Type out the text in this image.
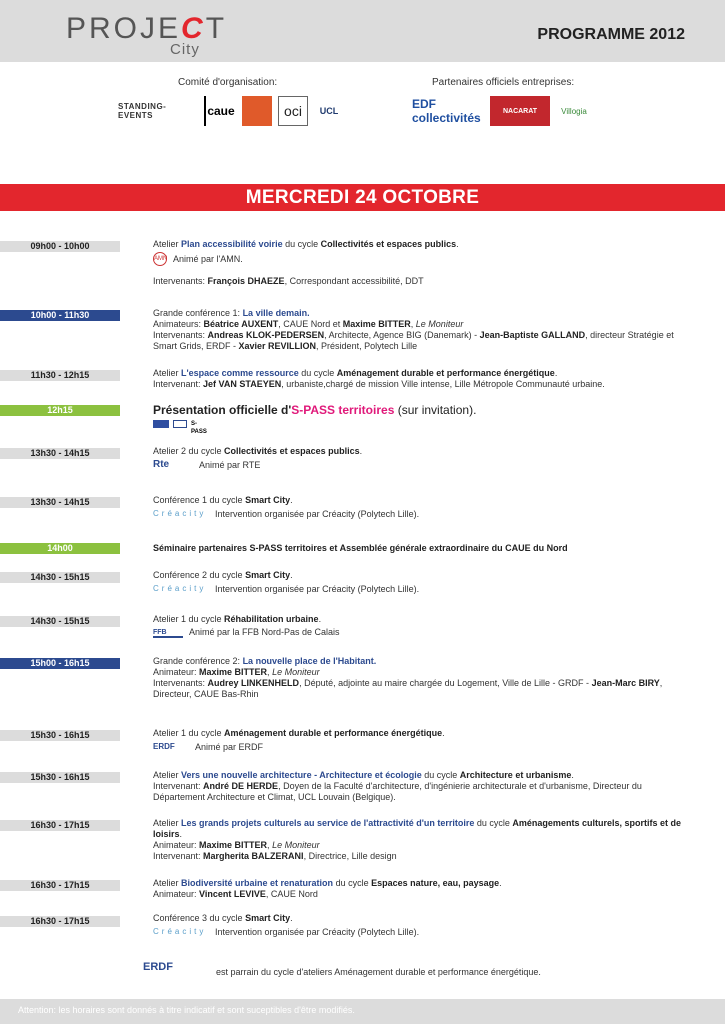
PROJECT
City
PROGRAMME 2012
Comité d'organisation:	Partenaires officiels entreprises:
STANDING-EVENTS	caue	oci	UCL	EDF collectivités	NACARAT	Villogia
MERCREDI 24 OCTOBRE
09h00 - 10h00	Atelier Plan accessibilité voirie du cycle Collectivités et espaces publics.
AMN Animé par l'AMN.
Intervenants: François DHAEZE, Correspondant accessibilité, DDT
10h00 - 11h30	Grande conférence 1: La ville demain.
Animateurs: Béatrice AUXENT, CAUE Nord et Maxime BITTER, Le Moniteur
Intervenants: Andreas KLOK-PEDERSEN, Architecte, Agence BIG (Danemark) - Jean-Baptiste GALLAND, directeur Stratégie et Smart Grids, ERDF - Xavier REVILLION, Président, Polytech Lille
11h30 - 12h15	Atelier L'espace comme ressource du cycle Aménagement durable et performance énergétique.
Intervenant: Jef VAN STAEYEN, urbaniste,chargé de mission Ville intense, Lille Métropole Communauté urbaine.
12h15	Présentation officielle d'S-PASS territoires (sur invitation).
S-PASS
13h30 - 14h15	Atelier 2 du cycle Collectivités et espaces publics.
Rte	Animé par RTE
13h30 - 14h15	Conférence 1 du cycle Smart City.
Créacity Intervention organisée par Créacity (Polytech Lille).
14h00	Séminaire partenaires S-PASS territoires et Assemblée générale extraordinaire du CAUE du Nord
14h30 - 15h15	Conférence 2 du cycle Smart City.
Créacity Intervention organisée par Créacity (Polytech Lille).
14h30 - 15h15	Atelier 1 du cycle Réhabilitation urbaine.
FFB	Animé par la FFB Nord-Pas de Calais
15h00 - 16h15	Grande conférence 2: La nouvelle place de l'Habitant.
Animateur: Maxime BITTER, Le Moniteur
Intervenants: Audrey LINKENHELD, Député, adjointe au maire chargée du Logement, Ville de Lille - GRDF - Jean-Marc BIRY, Directeur, CAUE Bas-Rhin
15h30 - 16h15	Atelier 1 du cycle Aménagement durable et performance énergétique.
ERDF	Animé par ERDF
15h30 - 16h15	Atelier Vers une nouvelle architecture - Architecture et écologie du cycle Architecture et urbanisme.
Intervenant: André DE HERDE, Doyen de la Faculté d'architecture, d'ingénierie architecturale et d'urbanisme, Directeur du Département Architecture et Climat, UCL Louvain (Belgique).
16h30 - 17h15	Atelier Les grands projets culturels au service de l'attractivité d'un territoire du cycle Aménagements culturels, sportifs et de loisirs.
Animateur: Maxime BITTER, Le Moniteur
Intervenant: Margherita BALZERANI, Directrice, Lille design
16h30 - 17h15	Atelier Biodiversité urbaine et renaturation du cycle Espaces nature, eau, paysage.
Animateur: Vincent LEVIVE, CAUE Nord
16h30 - 17h15	Conférence 3 du cycle Smart City.
Créacity Intervention organisée par Créacity (Polytech Lille).
ERDF	est parrain du cycle d'ateliers Aménagement durable et performance énergétique.
Attention: les horaires sont donnés à titre indicatif et sont suceptibles d'être modifiés.
